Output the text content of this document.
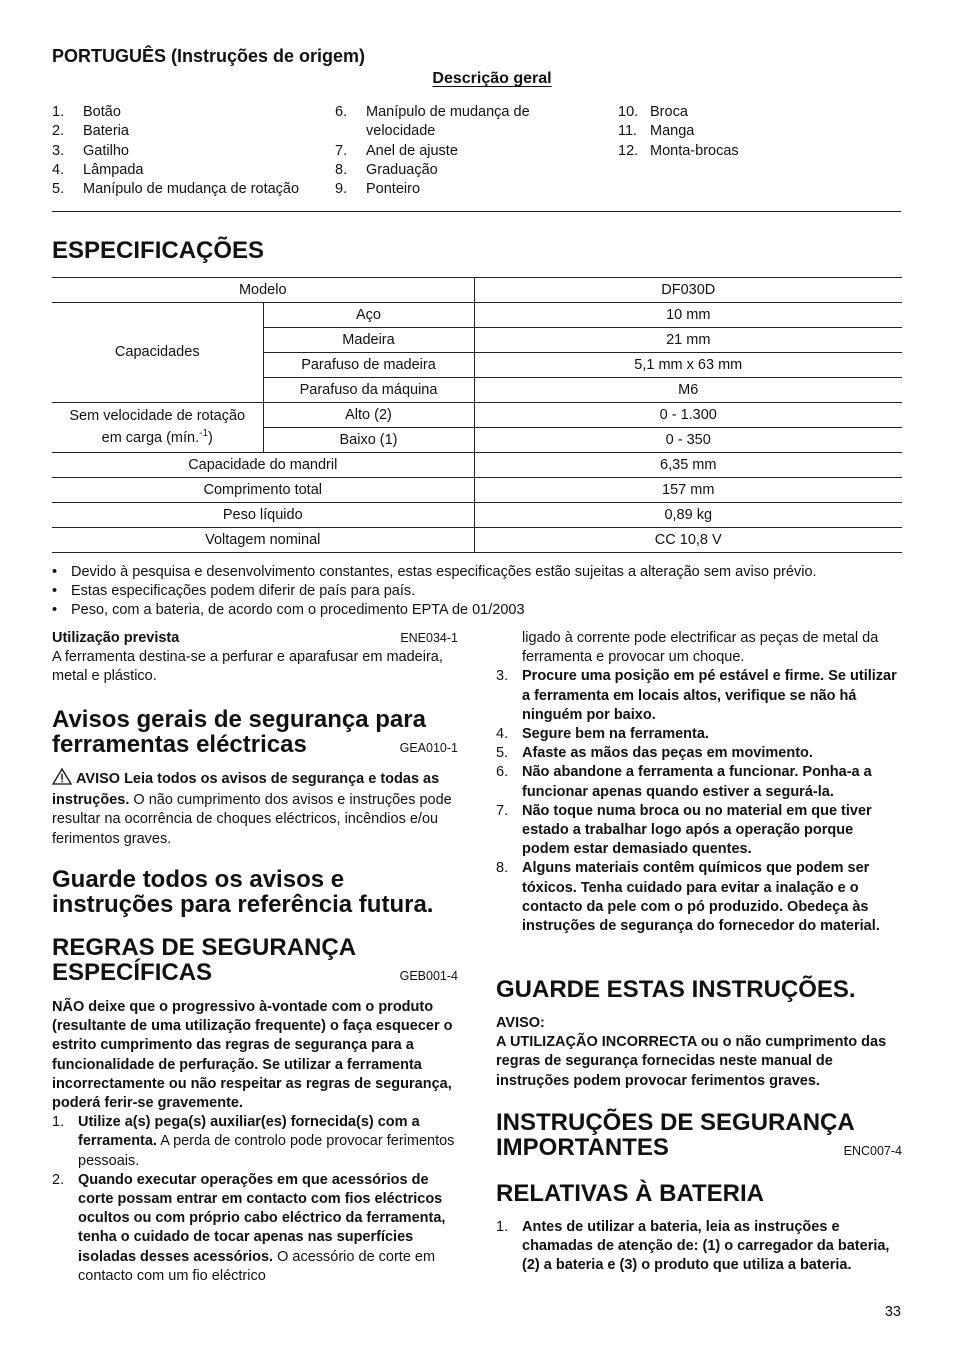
PORTUGUÊS (Instruções de origem)
Descrição geral
1.	Botão
2.	Bateria
3.	Gatilho
4.	Lâmpada
5.	Manípulo de mudança de rotação
6.	Manípulo de mudança de velocidade
7.	Anel de ajuste
8.	Graduação
9.	Ponteiro
10. Broca
11. Manga
12. Monta-brocas
ESPECIFICAÇÕES
Modelo		DF030D
Capacidades	Aço	10 mm
	Madeira	21 mm
	Parafuso de madeira	5,1 mm x 63 mm
	Parafuso da máquina	M6
Sem velocidade de rotação
em carga (mín.$^{-1}$)	Alto (2)	0 - 1.300
	Baixo (1)	0 - 350
Capacidade do mandril		6,35 mm
Comprimento total		157 mm
Peso líquido		0,89 kg
Voltagem nominal		CC 10,8 V
• Devido à pesquisa e desenvolvimento constantes, estas especificações estão sujeitas a alteração sem aviso prévio.
• Estas especificações podem diferir de país para país.
• Peso, com a bateria, de acordo com o procedimento EPTA de 01/2003
Utilização prevista	ENE034-1

A ferramenta destina-se a perfurar e aparafusar em madeira, metal e plástico.

Avisos gerais de segurança para
ferramentas eléctricas	GEA010-1

AVISO Leia todos os avisos de segurança e todas as instruções. O não cumprimento dos avisos e instruções pode resultar na ocorrência de choques eléctricos, incêndios e/ou ferimentos graves.

Guarde todos os avisos e instruções para referência futura.
REGRAS DE SEGURANÇA
ESPECÍFICAS	GEB001-4

NÃO deixe que o progressivo à-vontade com o produto (resultante de uma utilização frequente) o faça esquecer o estrito cumprimento das regras de segurança para a funcionalidade de perfuração. Se utilizar a ferramenta incorrectamente ou não respeitar as regras de segurança, poderá ferir-se gravemente.

1. Utilize a(s) pega(s) auxiliar(es) fornecida(s) com a ferramenta. A perda de controlo pode provocar ferimentos pessoais.
2. Quando executar operações em que acessórios de corte possam entrar em contacto com fios eléctricos ocultos ou com próprio cabo eléctrico da ferramenta, tenha o cuidado de tocar apenas nas superfícies isoladas desses acessórios. O acessório de corte em contacto com um fio eléctrico
ligado à corrente pode electrificar as peças de metal da ferramenta e provocar um choque.
3. Procure uma posição em pé estável e firme. Se utilizar a ferramenta em locais altos, verifique se não há ninguém por baixo.
4. Segure bem na ferramenta.
5. Afaste as mãos das peças em movimento.
6. Não abandone a ferramenta a funcionar. Ponha-a a funcionar apenas quando estiver a segurá-la.
7. Não toque numa broca ou no material em que tiver estado a trabalhar logo após a operação porque podem estar demasiado quentes.
8. Alguns materiais contêm químicos que podem ser tóxicos. Tenha cuidado para evitar a inalação e o contacto da pele com o pó produzido. Obedeça às instruções de segurança do fornecedor do material.
GUARDE ESTAS INSTRUÇÕES.

AVISO:

A UTILIZAÇÃO INCORRECTA ou o não cumprimento das regras de segurança fornecidas neste manual de instruções podem provocar ferimentos graves.

INSTRUÇÕES DE SEGURANÇA
IMPORTANTES	ENC007-4
RELATIVAS À BATERIA
1. Antes de utilizar a bateria, leia as instruções e chamadas de atenção de: (1) o carregador da bateria, (2) a bateria e (3) o produto que utiliza a bateria.
33
